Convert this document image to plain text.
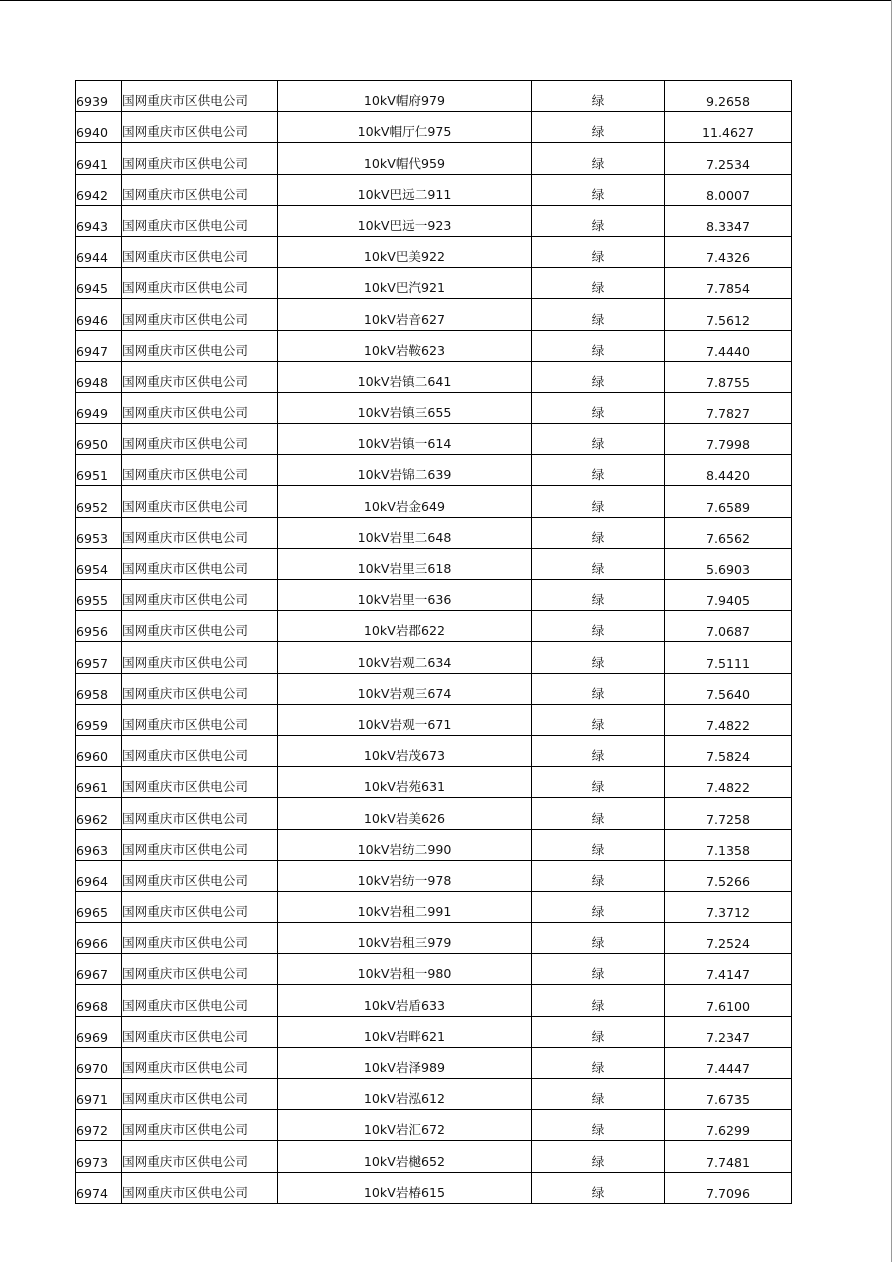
6939	国网重庆市区供电公司	10kV帽府979	绿	9.2658
6940	国网重庆市区供电公司	10kV帽厅仁975	绿	11.4627
6941	国网重庆市区供电公司	10kV帽代959	绿	7.2534
6942	国网重庆市区供电公司	10kV巴远二911	绿	8.0007
6943	国网重庆市区供电公司	10kV巴远一923	绿	8.3347
6944	国网重庆市区供电公司	10kV巴美922	绿	7.4326
6945	国网重庆市区供电公司	10kV巴汽921	绿	7.7854
6946	国网重庆市区供电公司	10kV岩音627	绿	7.5612
6947	国网重庆市区供电公司	10kV岩鞍623	绿	7.4440
6948	国网重庆市区供电公司	10kV岩镇二641	绿	7.8755
6949	国网重庆市区供电公司	10kV岩镇三655	绿	7.7827
6950	国网重庆市区供电公司	10kV岩镇一614	绿	7.7998
6951	国网重庆市区供电公司	10kV岩锦二639	绿	8.4420
6952	国网重庆市区供电公司	10kV岩金649	绿	7.6589
6953	国网重庆市区供电公司	10kV岩里二648	绿	7.6562
6954	国网重庆市区供电公司	10kV岩里三618	绿	5.6903
6955	国网重庆市区供电公司	10kV岩里一636	绿	7.9405
6956	国网重庆市区供电公司	10kV岩郡622	绿	7.0687
6957	国网重庆市区供电公司	10kV岩观二634	绿	7.5111
6958	国网重庆市区供电公司	10kV岩观三674	绿	7.5640
6959	国网重庆市区供电公司	10kV岩观一671	绿	7.4822
6960	国网重庆市区供电公司	10kV岩茂673	绿	7.5824
6961	国网重庆市区供电公司	10kV岩苑631	绿	7.4822
6962	国网重庆市区供电公司	10kV岩美626	绿	7.7258
6963	国网重庆市区供电公司	10kV岩纺二990	绿	7.1358
6964	国网重庆市区供电公司	10kV岩纺一978	绿	7.5266
6965	国网重庆市区供电公司	10kV岩租二991	绿	7.3712
6966	国网重庆市区供电公司	10kV岩租三979	绿	7.2524
6967	国网重庆市区供电公司	10kV岩租一980	绿	7.4147
6968	国网重庆市区供电公司	10kV岩盾633	绿	7.6100
6969	国网重庆市区供电公司	10kV岩畔621	绿	7.2347
6970	国网重庆市区供电公司	10kV岩泽989	绿	7.4447
6971	国网重庆市区供电公司	10kV岩泓612	绿	7.6735
6972	国网重庆市区供电公司	10kV岩汇672	绿	7.6299
6973	国网重庆市区供电公司	10kV岩樾652	绿	7.7481
6974	国网重庆市区供电公司	10kV岩椿615	绿	7.7096
